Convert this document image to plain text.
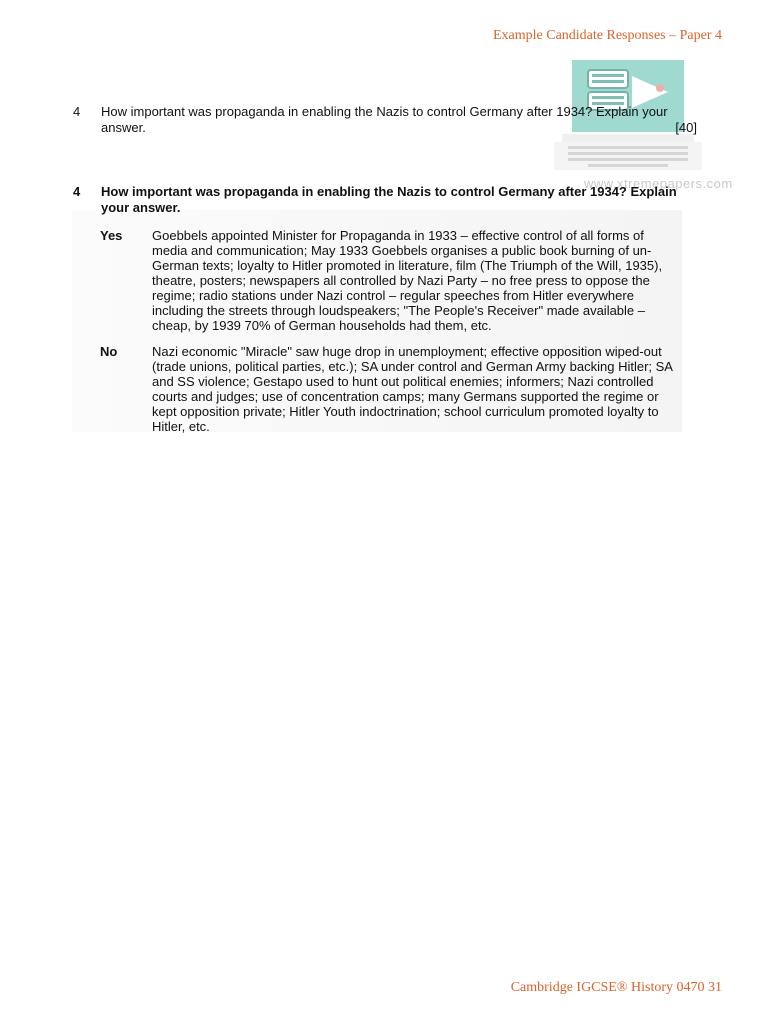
Example Candidate Responses – Paper 4
www.xtremepapers.com
4 How important was propaganda in enabling the Nazis to control Germany after 1934? Explain your answer.	[40]
4 How important was propaganda in enabling the Nazis to control Germany after 1934? Explain your answer.
Yes Goebbels appointed Minister for Propaganda in 1933 – effective control of all forms of media and communication; May 1933 Goebbels organises a public book burning of un-German texts; loyalty to Hitler promoted in literature, film (The Triumph of the Will, 1935), theatre, posters; newspapers all controlled by Nazi Party – no free press to oppose the regime; radio stations under Nazi control – regular speeches from Hitler everywhere including the streets through loudspeakers; "The People's Receiver" made available – cheap, by 1939 70% of German households had them, etc.
No	Nazi economic "Miracle" saw huge drop in unemployment; effective opposition wiped-out (trade unions, political parties, etc.); SA under control and German Army backing Hitler; SA and SS violence; Gestapo used to hunt out political enemies; informers; Nazi controlled courts and judges; use of concentration camps; many Germans supported the regime or kept opposition private; Hitler Youth indoctrination; school curriculum promoted loyalty to Hitler, etc.
Cambridge IGCSE® History 0470 31
